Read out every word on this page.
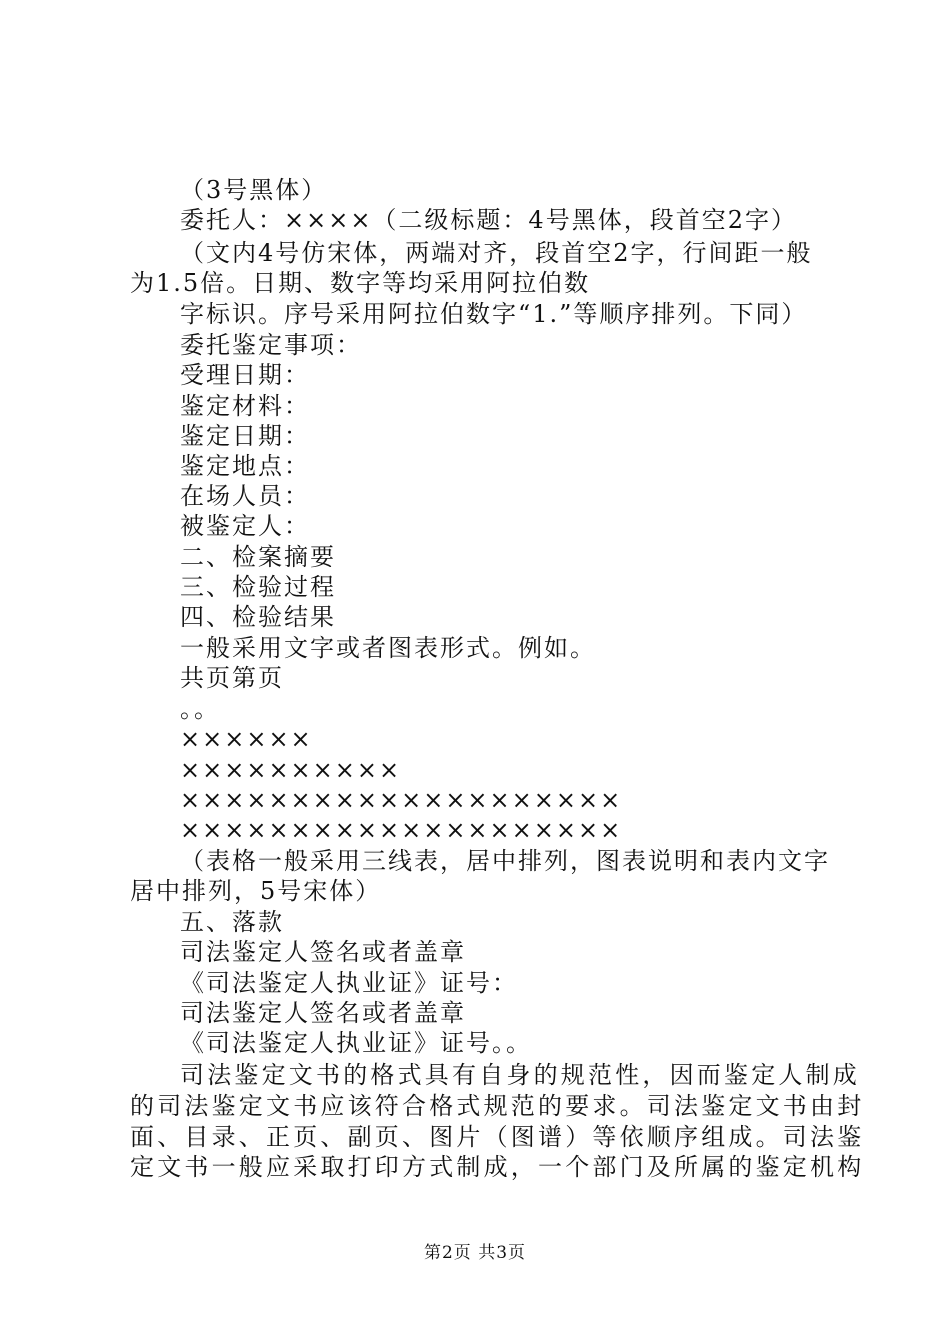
（3号黑体）
委托人：××××（二级标题：4号黑体，段首空2字）
（文内4号仿宋体，两端对齐，段首空2字，行间距一般
为1.5倍。日期、数字等均采用阿拉伯数
字标识。序号采用阿拉伯数字“1.”等顺序排列。下同）
委托鉴定事项：
受理日期：
鉴定材料：
鉴定日期：
鉴定地点：
在场人员：
被鉴定人：
二、检案摘要
三、检验过程
四、检验结果
一般采用文字或者图表形式。例如。
共页第页
。。
××××××
××××××××××
××××××××××××××××××××
××××××××××××××××××××
（表格一般采用三线表，居中排列，图表说明和表内文字
居中排列，5号宋体）
五、落款
司法鉴定人签名或者盖章
《司法鉴定人执业证》证号：
司法鉴定人签名或者盖章
《司法鉴定人执业证》证号。。
司法鉴定文书的格式具有自身的规范性，因而鉴定人制成
的司法鉴定文书应该符合格式规范的要求。司法鉴定文书由封
面、目录、正页、副页、图片（图谱）等依顺序组成。司法鉴
定文书一般应采取打印方式制成，一个部门及所属的鉴定机构
第2页 共3页
